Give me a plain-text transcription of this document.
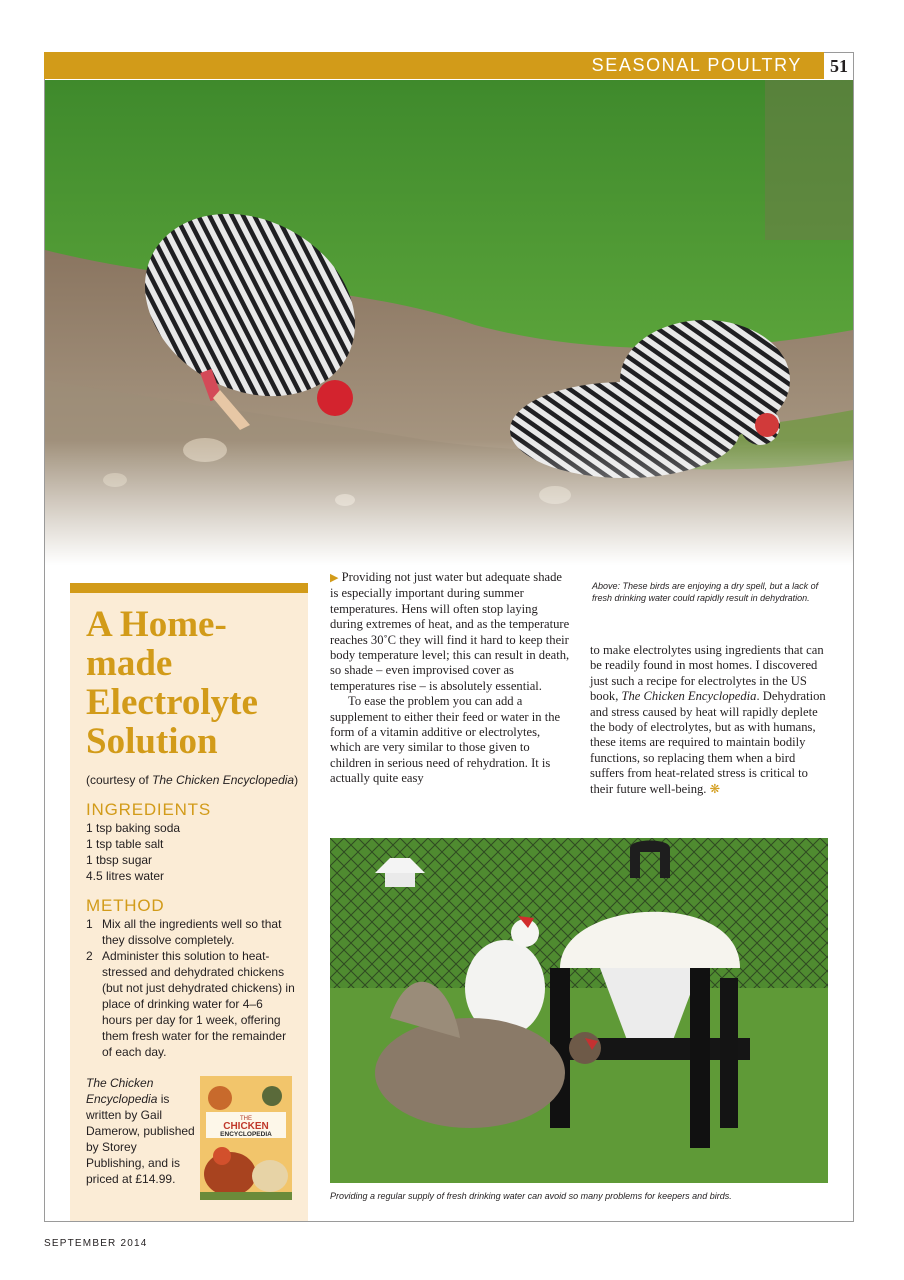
SEASONAL POULTRY 51
A Home-made Electrolyte Solution
(courtesy of The Chicken Encyclopedia)
INGREDIENTS
1 tsp baking soda
1 tsp table salt
1 tbsp sugar
4.5 litres water
METHOD
1 Mix all the ingredients well so that they dissolve completely.
2 Administer this solution to heat-stressed and dehydrated chickens (but not just dehydrated chickens) in place of drinking water for 4–6 hours per day for 1 week, offering them fresh water for the remainder of each day.
The Chicken Encyclopedia is written by Gail Damerow, published by Storey Publishing, and is priced at £14.99.
THE
CHICKEN
ENCYCLOPEDIA

▶ Providing not just water but adequate shade is especially important during summer temperatures. Hens will often stop laying during extremes of heat, and as the temperature reaches 30˚C they will find it hard to keep their body temperature level; this can result in death, so shade – even improvised cover as temperatures rise – is absolutely essential.

To ease the problem you can add a supplement to either their feed or water in the form of a vitamin additive or electrolytes, which are very similar to those given to children in serious need of rehydration. It is actually quite easy

Above: These birds are enjoying a dry spell, but a lack of fresh drinking water could rapidly result in dehydration.

to make electrolytes using ingredients that can be readily found in most homes. I discovered just such a recipe for electrolytes in the US book, The Chicken Encyclopedia. Dehydration and stress caused by heat will rapidly deplete the body of electrolytes, but as with humans, these items are required to maintain bodily functions, so replacing them when a bird suffers from heat-related stress is critical to their future well-being. ❋

Providing a regular supply of fresh drinking water can avoid so many problems for keepers and birds.
SEPTEMBER 2014
